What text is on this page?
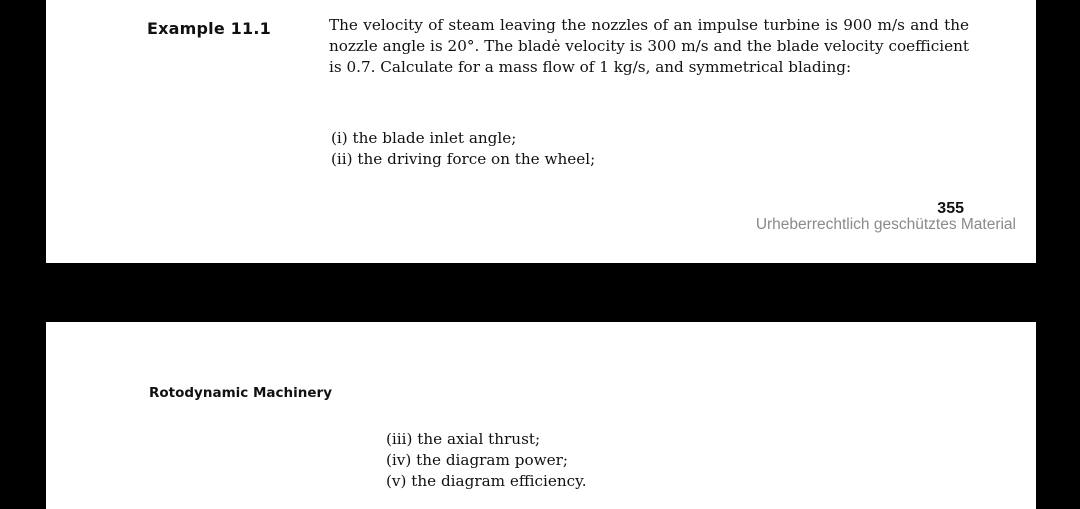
Example 11.1	The velocity of steam leaving the nozzles of an impulse turbine is 900 m/s and the nozzle angle is 20°. The bladė velocity is 300 m/s and the blade velocity coefficient is 0.7. Calculate for a mass flow of 1 kg/s, and symmetrical blading:

(i) the blade inlet angle;
(ii) the driving force on the wheel;
355
Urheberrechtlich geschütztes Material
Rotodynamic Machinery
(iii) the axial thrust;
(iv) the diagram power;
(v) the diagram efficiency.
